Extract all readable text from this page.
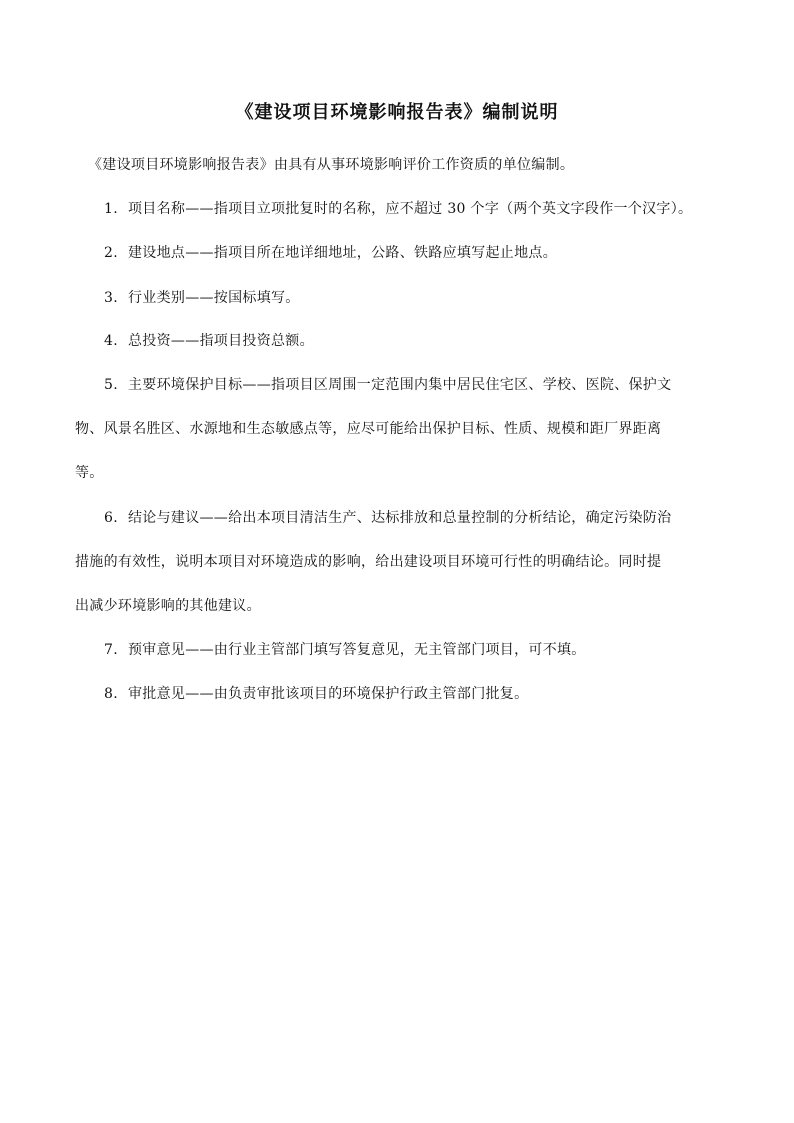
《建设项目环境影响报告表》编制说明
《建设项目环境影响报告表》由具有从事环境影响评价工作资质的单位编制。
1. 项目名称——指项目立项批复时的名称，应不超过 30 个字（两个英文字段作一个汉字）。
2. 建设地点——指项目所在地详细地址，公路、铁路应填写起止地点。
3. 行业类别——按国标填写。
4. 总投资——指项目投资总额。
5. 主要环境保护目标——指项目区周围一定范围内集中居民住宅区、学校、医院、保护文
物、风景名胜区、水源地和生态敏感点等，应尽可能给出保护目标、性质、规模和距厂界距离
等。
6. 结论与建议——给出本项目清洁生产、达标排放和总量控制的分析结论，确定污染防治
措施的有效性，说明本项目对环境造成的影响，给出建设项目环境可行性的明确结论。同时提
出减少环境影响的其他建议。
7. 预审意见——由行业主管部门填写答复意见，无主管部门项目，可不填。
8. 审批意见——由负责审批该项目的环境保护行政主管部门批复。
